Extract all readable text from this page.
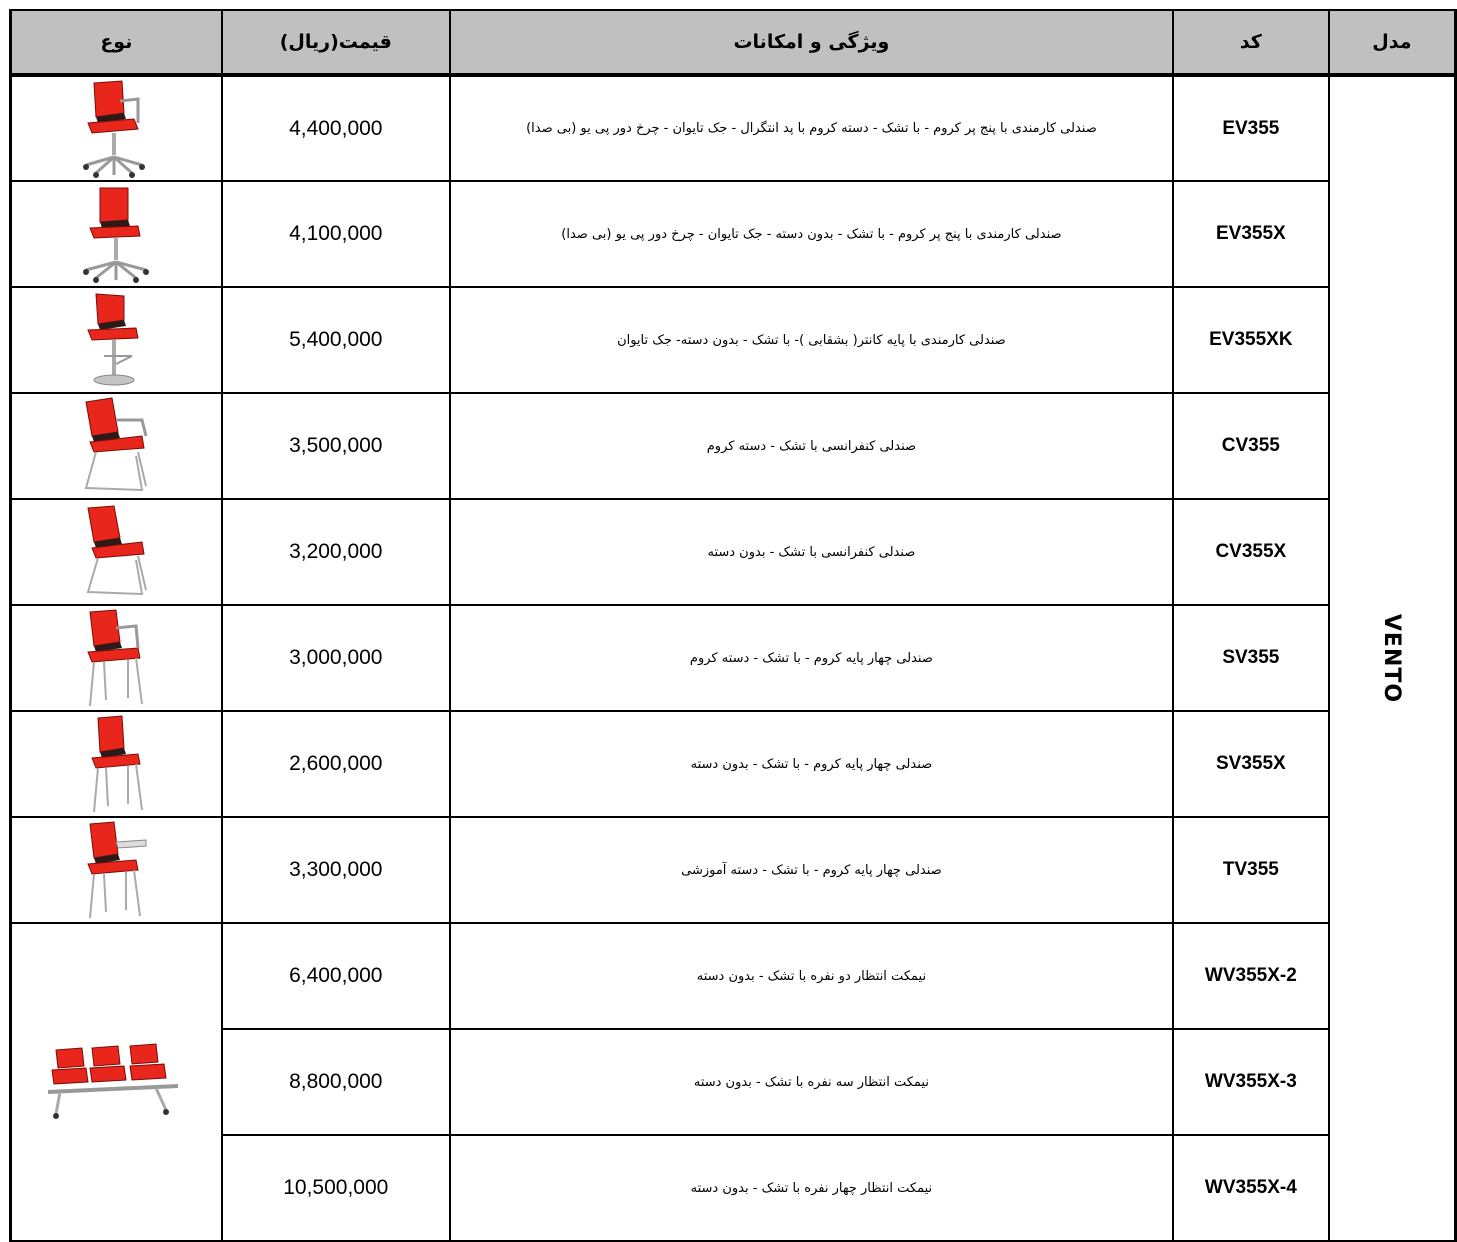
نوع	قیمت(ریال)	ویژگی و امکانات	کد	مدل

	4,400,000	صندلی کارمندی با پنج پر کروم - با تشک - دسته کروم با پد انتگرال - جک تایوان - چرخ دور پی یو (بی صدا)	EV355	VENTO

	4,100,000	صندلی کارمندی با پنج پر کروم - با تشک - بدون دسته - جک تایوان - چرخ دور پی یو (بی صدا)	EV355X	

	5,400,000	صندلی کارمندی با پایه کانتر( بشقابی )- با تشک - بدون دسته- جک تایوان	EV355XK	

	3,500,000	صندلی کنفرانسی با تشک - دسته کروم	CV355	

	3,200,000	صندلی کنفرانسی با تشک - بدون دسته	CV355X	

	3,000,000	صندلی چهار پایه کروم - با تشک - دسته کروم	SV355	

	2,600,000	صندلی چهار پایه کروم - با تشک - بدون دسته	SV355X	

	3,300,000	صندلی چهار پایه کروم - با تشک - دسته آموزشی	TV355	

	6,400,000	نیمکت انتظار دو نفره با تشک - بدون دسته	WV355X-2	
	8,800,000	نیمکت انتظار سه نفره با تشک - بدون دسته	WV355X-3	
	10,500,000	نیمکت انتظار چهار نفره با تشک - بدون دسته	WV355X-4	
